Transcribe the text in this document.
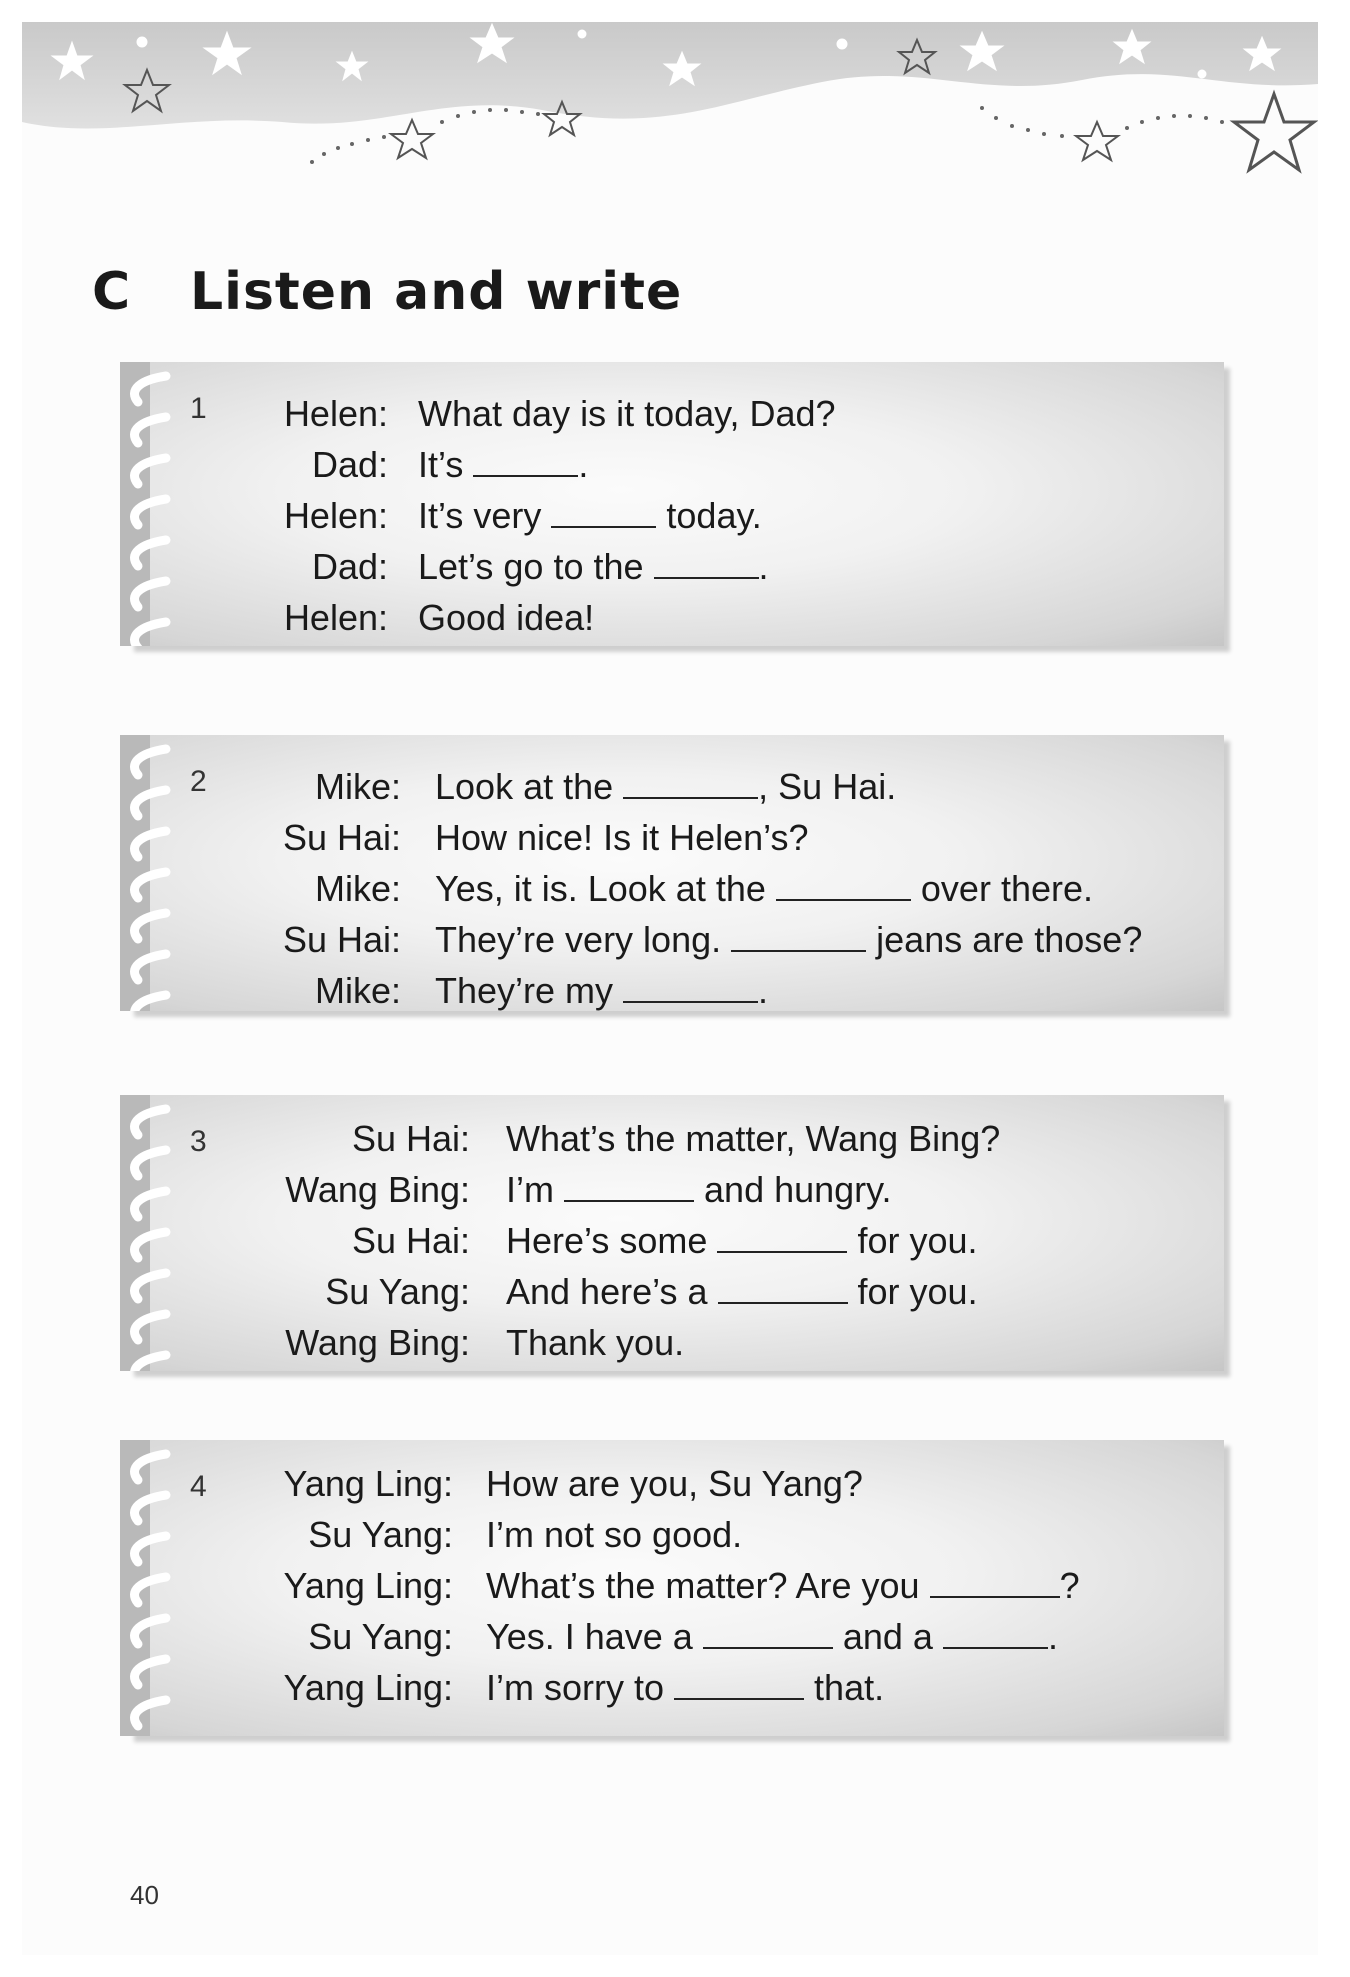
C Listen and write
1 Helen: What day is it today, Dad?
Dad: It’s	.
Helen: It’s very	today.
Dad: Let’s go to the	.
Helen: Good idea!
2	Mike: Look at the	, Su Hai.
Su Hai: How nice! Is it Helen’s?
Mike: Yes, it is. Look at the	over there.
Su Hai: They’re very long.	jeans are those?
Mike: They’re my	.
3	Su Hai: What’s the matter, Wang Bing?
Wang Bing: I’m	and hungry.
Su Hai: Here’s some	for you.
Su Yang: And here’s a	for you.
Wang Bing: Thank you.
4 Yang Ling: How are you, Su Yang?
Su Yang: I’m not so good.
Yang Ling: What’s the matter? Are you	?
Su Yang: Yes. I have a	and a	.
Yang Ling: I’m sorry to	that.
40
